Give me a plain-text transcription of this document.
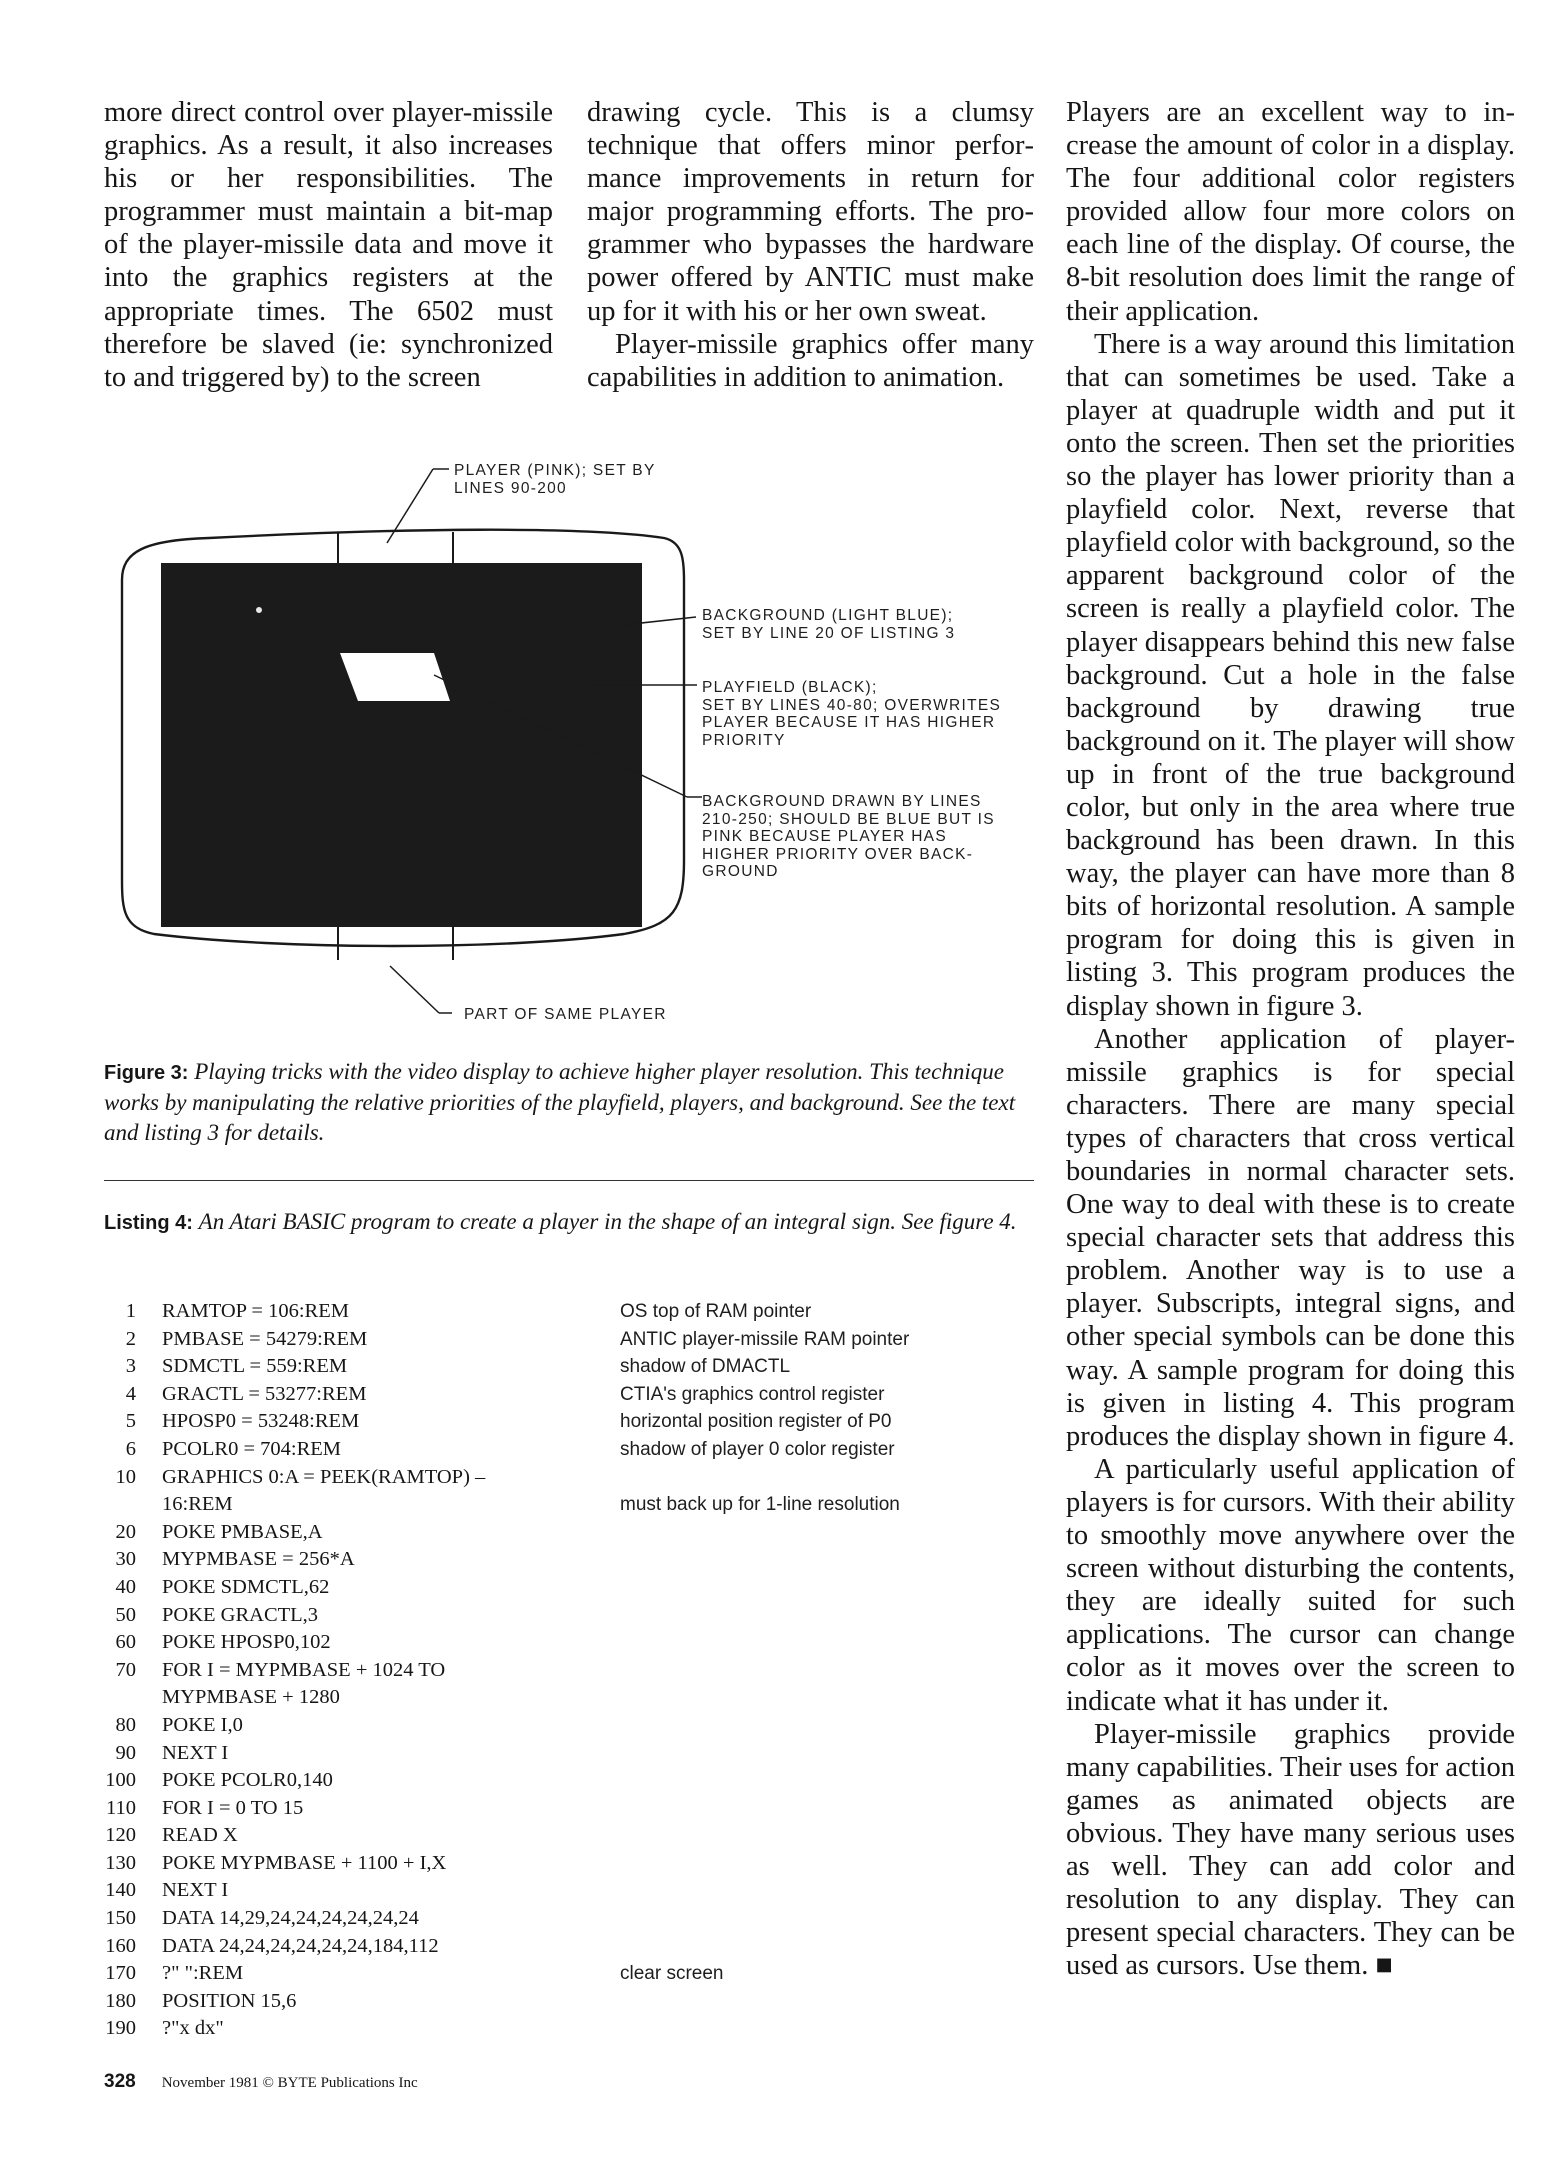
more direct control over player-missile graphics. As a result, it also increases his or her responsibilities. The programmer must maintain a bit-map of the player-missile data and move it into the graphics registers at the appropriate times. The 6502 must therefore be slaved (ie: synchronized to and triggered by) to the screen

drawing cycle. This is a clumsy technique that offers minor performance improvements in return for major programming efforts. The programmer who bypasses the hardware power offered by ANTIC must make up for it with his or her own sweat.

Player-missile graphics offer many capabilities in addition to animation.

Players are an excellent way to increase the amount of color in a display. The four additional color registers provided allow four more colors on each line of the display. Of course, the 8-bit resolution does limit the range of their application.

There is a way around this limitation that can sometimes be used. Take a player at quadruple width and put it onto the screen. Then set the priorities so the player has lower priority than a playfield color. Next, reverse that playfield color with background, so the apparent background color of the screen is really a playfield color. The player disappears behind this new false background. Cut a hole in the false background by drawing true background on it. The player will show up in front of the true background color, but only in the area where true background has been drawn. In this way, the player can have more than 8 bits of horizontal resolution. A sample program for doing this is given in listing 3. This program produces the display shown in figure 3.

Another application of player-missile graphics is for special characters. There are many special types of characters that cross vertical boundaries in normal character sets. One way to deal with these is to create special character sets that address this problem. Another way is to use a player. Subscripts, integral signs, and other special symbols can be done this way. A sample program for doing this is given in listing 4. This program produces the display shown in figure 4.

A particularly useful application of players is for cursors. With their ability to smoothly move anywhere over the screen without disturbing the contents, they are ideally suited for such applications. The cursor can change color as it moves over the screen to indicate what it has under it.

Player-missile graphics provide many capabilities. Their uses for action games as animated objects are obvious. They have many serious uses as well. They can add color and resolution to any display. They can present special characters. They can be used as cursors. Use them. ■

PLAYER (PINK); SET BY
LINES 90-200
BACKGROUND (LIGHT BLUE);
SET BY LINE 20 OF LISTING 3
PLAYFIELD (BLACK);
SET BY LINES 40-80; OVERWRITES
PLAYER BECAUSE IT HAS HIGHER
PRIORITY
BACKGROUND DRAWN BY LINES
210-250; SHOULD BE BLUE BUT IS
PINK BECAUSE PLAYER HAS
HIGHER PRIORITY OVER BACK-
GROUND
PART OF SAME PLAYER

Figure 3: Playing tricks with the video display to achieve higher player resolution. This technique works by manipulating the relative priorities of the playfield, players, and background. See the text and listing 3 for details.

Listing 4: An Atari BASIC program to create a player in the shape of an integral sign. See figure 4.

1	RAMTOP = 106:REM	OS top of RAM pointer
2	PMBASE = 54279:REM	ANTIC player-missile RAM pointer
3	SDMCTL = 559:REM	shadow of DMACTL
4	GRACTL = 53277:REM	CTIA's graphics control register
5	HPOSP0 = 53248:REM	horizontal position register of P0
6	PCOLR0 = 704:REM	shadow of player 0 color register
10	GRAPHICS 0:A = PEEK(RAMTOP) –
16:REM	must back up for 1-line resolution
20	POKE PMBASE,A
30	MYPMBASE = 256*A
40	POKE SDMCTL,62
50	POKE GRACTL,3
60	POKE HPOSP0,102
70	FOR I = MYPMBASE + 1024 TO
MYPMBASE + 1280
80	POKE I,0
90	NEXT I
100	POKE PCOLR0,140
110	FOR I = 0 TO 15
120	READ X
130	POKE MYPMBASE + 1100 + I,X
140	NEXT I
150	DATA 14,29,24,24,24,24,24,24
160	DATA 24,24,24,24,24,24,184,112
170	?" ":REM	clear screen
180	POSITION 15,6
190	?"x dx"
328 November 1981 © BYTE Publications Inc
